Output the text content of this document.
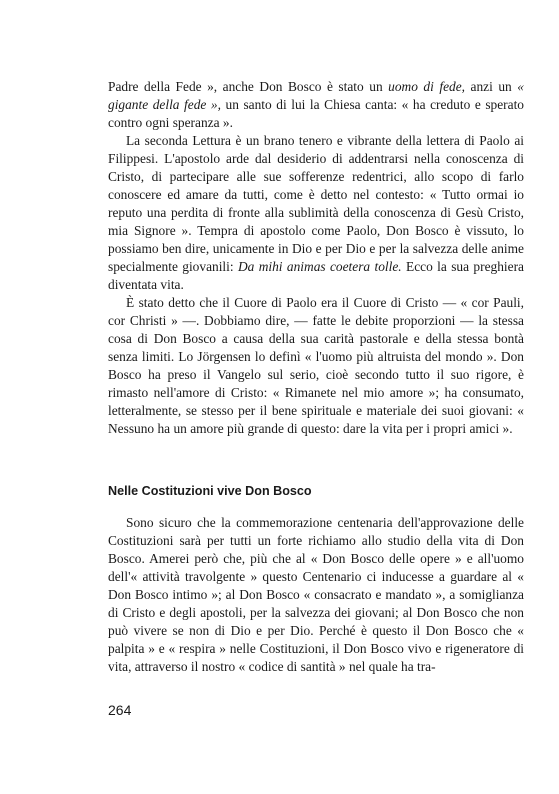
Padre della Fede », anche Don Bosco è stato un uomo di fede, anzi un « gigante della fede », un santo di lui la Chiesa canta: « ha creduto e sperato contro ogni speranza ».

La seconda Lettura è un brano tenero e vibrante della lettera di Paolo ai Filippesi. L'apostolo arde dal desiderio di addentrarsi nella conoscenza di Cristo, di partecipare alle sue sofferenze redentrici, allo scopo di farlo conoscere ed amare da tutti, come è detto nel contesto: « Tutto ormai io reputo una perdita di fronte alla sublimità della conoscenza di Gesù Cristo, mia Signore ». Tempra di apostolo come Paolo, Don Bosco è vissuto, lo possiamo ben dire, unicamente in Dio e per Dio e per la salvezza delle anime specialmente giovanili: Da mihi animas coetera tolle. Ecco la sua preghiera diventata vita.

È stato detto che il Cuore di Paolo era il Cuore di Cristo — « cor Pauli, cor Christi » —. Dobbiamo dire, — fatte le debite proporzioni — la stessa cosa di Don Bosco a causa della sua carità pastorale e della stessa bontà senza limiti. Lo Jörgensen lo definì « l'uomo più altruista del mondo ». Don Bosco ha preso il Vangelo sul serio, cioè secondo tutto il suo rigore, è rimasto nell'amore di Cristo: « Rimanete nel mio amore »; ha consumato, letteralmente, se stesso per il bene spirituale e materiale dei suoi giovani: « Nessuno ha un amore più grande di questo: dare la vita per i propri amici ».

Nelle Costituzioni vive Don Bosco

Sono sicuro che la commemorazione centenaria dell'approvazione delle Costituzioni sarà per tutti un forte richiamo allo studio della vita di Don Bosco. Amerei però che, più che al « Don Bosco delle opere » e all'uomo dell'« attività travolgente » questo Centenario ci inducesse a guardare al « Don Bosco intimo »; al Don Bosco « consacrato e mandato », a somiglianza di Cristo e degli apostoli, per la salvezza dei giovani; al Don Bosco che non può vivere se non di Dio e per Dio. Perché è questo il Don Bosco che « palpita » e « respira » nelle Costituzioni, il Don Bosco vivo e rigeneratore di vita, attraverso il nostro « codice di santità » nel quale ha tra-

264
